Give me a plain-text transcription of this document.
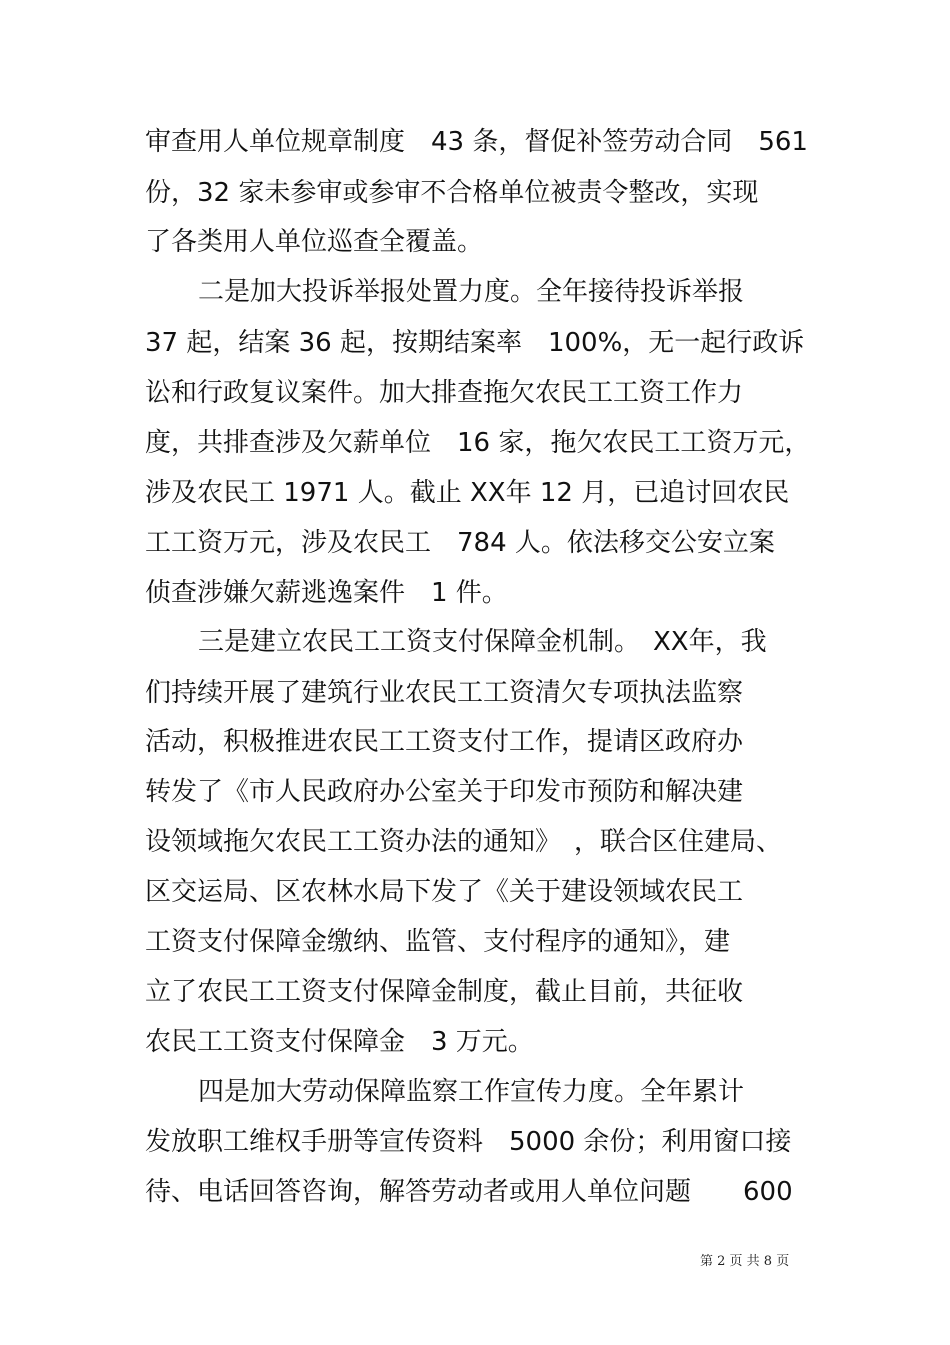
审查用人单位规章制度　43 条，督促补签劳动合同　561
份，32 家未参审或参审不合格单位被责令整改，实现
了各类用人单位巡查全覆盖。
二是加大投诉举报处置力度。全年接待投诉举报
37 起，结案 36 起，按期结案率　100%，无一起行政诉
讼和行政复议案件。加大排查拖欠农民工工资工作力
度，共排查涉及欠薪单位　16 家，拖欠农民工工资万元，
涉及农民工 1971 人。截止 XX年 12 月，已追讨回农民
工工资万元，涉及农民工　784 人。依法移交公安立案
侦查涉嫌欠薪逃逸案件　1 件。
三是建立农民工工资支付保障金机制。　XX年，我
们持续开展了建筑行业农民工工资清欠专项执法监察
活动，积极推进农民工工资支付工作，提请区政府办
转发了《市人民政府办公室关于印发市预防和解决建
设领域拖欠农民工工资办法的通知》　，联合区住建局、
区交运局、区农林水局下发了《关于建设领域农民工
工资支付保障金缴纳、监管、支付程序的通知》，建
立了农民工工资支付保障金制度，截止目前，共征收
农民工工资支付保障金　3 万元。
四是加大劳动保障监察工作宣传力度。全年累计
发放职工维权手册等宣传资料　5000 余份；利用窗口接
待、电话回答咨询，解答劳动者或用人单位问题　　600
第 2 页 共 8 页
